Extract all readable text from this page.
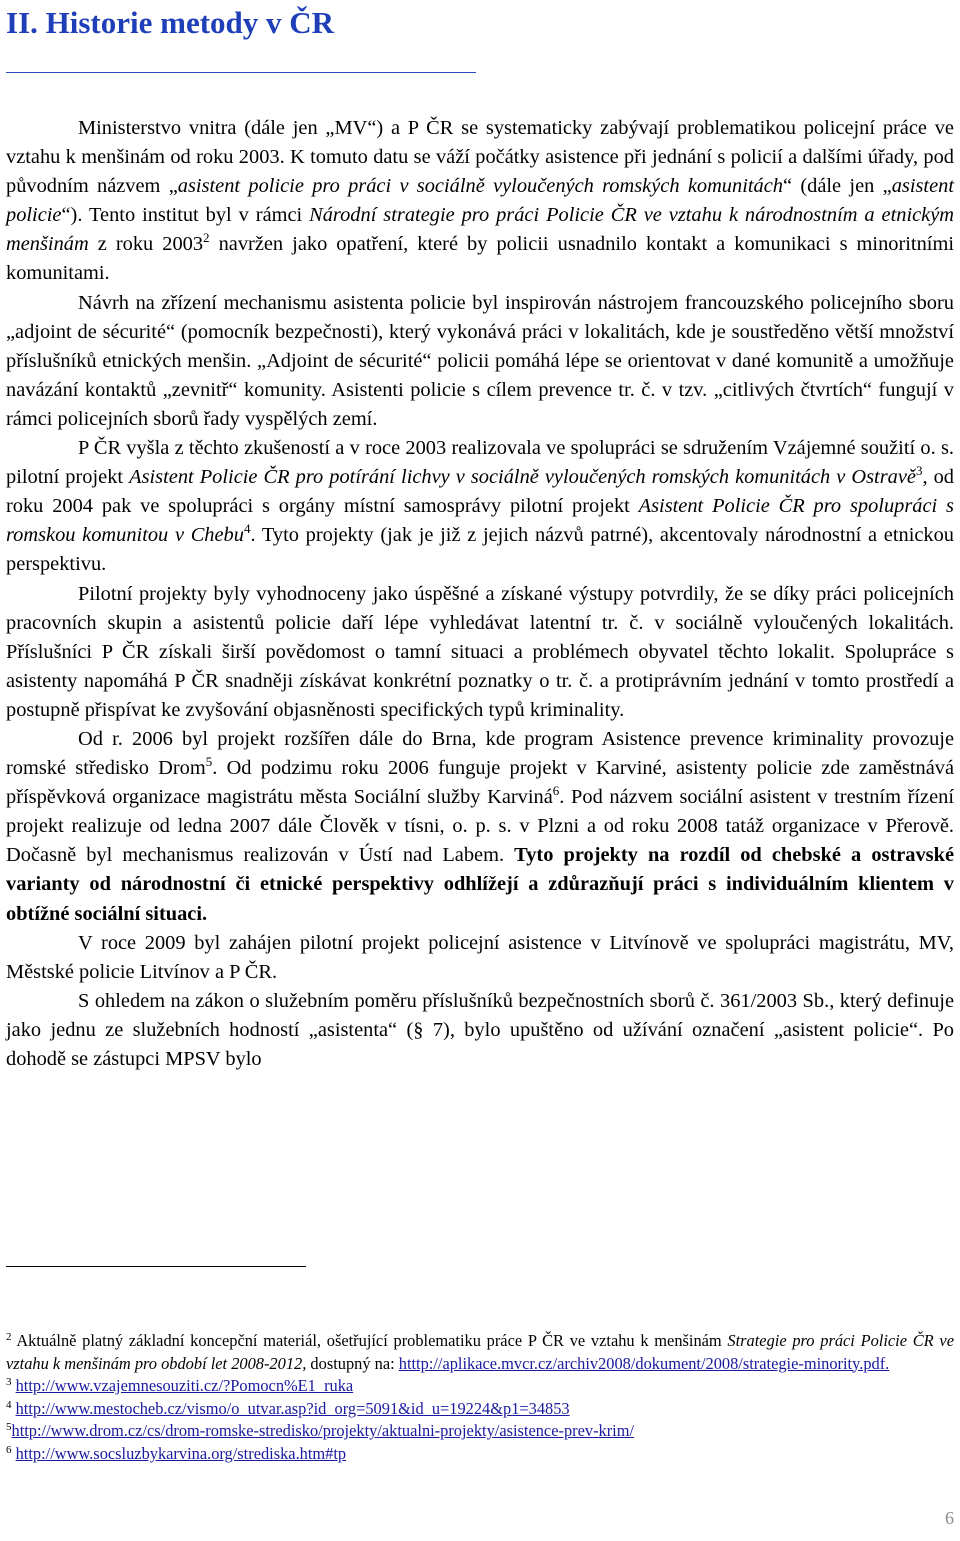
II. Historie metody v ČR

Ministerstvo vnitra (dále jen „MV“) a P ČR se systematicky zabývají problematikou policejní práce ve vztahu k menšinám od roku 2003. K tomuto datu se váží počátky asistence při jednání s policií a dalšími úřady, pod původním názvem „asistent policie pro práci v sociálně vyloučených romských komunitách“ (dále jen „asistent policie“). Tento institut byl v rámci Národní strategie pro práci Policie ČR ve vztahu k národnostním a etnickým menšinám z roku 2003$^2$ navržen jako opatření, které by policii usnadnilo kontakt a komunikaci s minoritními komunitami.

Návrh na zřízení mechanismu asistenta policie byl inspirován nástrojem francouzského policejního sboru „adjoint de sécurité“ (pomocník bezpečnosti), který vykonává práci v lokalitách, kde je soustředěno větší množství příslušníků etnických menšin. „Adjoint de sécurité“ policii pomáhá lépe se orientovat v dané komunitě a umožňuje navázání kontaktů „zevnitř“ komunity. Asistenti policie s cílem prevence tr. č. v tzv. „citlivých čtvrtích“ fungují v rámci policejních sborů řady vyspělých zemí.

P ČR vyšla z těchto zkušeností a v roce 2003 realizovala ve spolupráci se sdružením Vzájemné soužití o. s. pilotní projekt Asistent Policie ČR pro potírání lichvy v sociálně vyloučených romských komunitách v Ostravě$^3$, od roku 2004 pak ve spolupráci s orgány místní samosprávy pilotní projekt Asistent Policie ČR pro spolupráci s romskou komunitou v Chebu$^4$. Tyto projekty (jak je již z jejich názvů patrné), akcentovaly národnostní a etnickou perspektivu.

Pilotní projekty byly vyhodnoceny jako úspěšné a získané výstupy potvrdily, že se díky práci policejních pracovních skupin a asistentů policie daří lépe vyhledávat latentní tr. č. v sociálně vyloučených lokalitách. Příslušníci P ČR získali širší povědomost o tamní situaci a problémech obyvatel těchto lokalit. Spolupráce s asistenty napomáhá P ČR snadněji získávat konkrétní poznatky o tr. č. a protiprávním jednání v tomto prostředí a postupně přispívat ke zvyšování objasněnosti specifických typů kriminality.

Od r. 2006 byl projekt rozšířen dále do Brna, kde program Asistence prevence kriminality provozuje romské středisko Drom$^5$. Od podzimu roku 2006 funguje projekt v Karviné, asistenty policie zde zaměstnává příspěvková organizace magistrátu města Sociální služby Karviná$^6$. Pod názvem sociální asistent v trestním řízení projekt realizuje od ledna 2007 dále Člověk v tísni, o. p. s. v Plzni a od roku 2008 tatáž organizace v Přerově. Dočasně byl mechanismus realizován v Ústí nad Labem. Tyto projekty na rozdíl od chebské a ostravské varianty od národnostní či etnické perspektivy odhlížejí a zdůrazňují práci s individuálním klientem v obtížné sociální situaci.

V roce 2009 byl zahájen pilotní projekt policejní asistence v Litvínově ve spolupráci magistrátu, MV, Městské policie Litvínov a P ČR.

S ohledem na zákon o služebním poměru příslušníků bezpečnostních sborů č. 361/2003 Sb., který definuje jako jednu ze služebních hodností „asistenta“ (§ 7), bylo upuštěno od užívání označení „asistent policie“. Po dohodě se zástupci MPSV bylo

$^2$ Aktuálně platný základní koncepční materiál, ošetřující problematiku práce P ČR ve vztahu k menšinám Strategie pro práci Policie ČR ve vztahu k menšinám pro období let 2008-2012, dostupný na: htttp://aplikace.mvcr.cz/archiv2008/dokument/2008/strategie-minority.pdf.

$^3$ http://www.vzajemnesouziti.cz/?Pomocn%E1_ruka

$^4$ http://www.mestocheb.cz/vismo/o_utvar.asp?id_org=5091&id_u=19224&p1=34853

$^5$http://www.drom.cz/cs/drom-romske-stredisko/projekty/aktualni-projekty/asistence-prev-krim/

$^6$ http://www.socsluzbykarvina.org/strediska.htm#tp

6
